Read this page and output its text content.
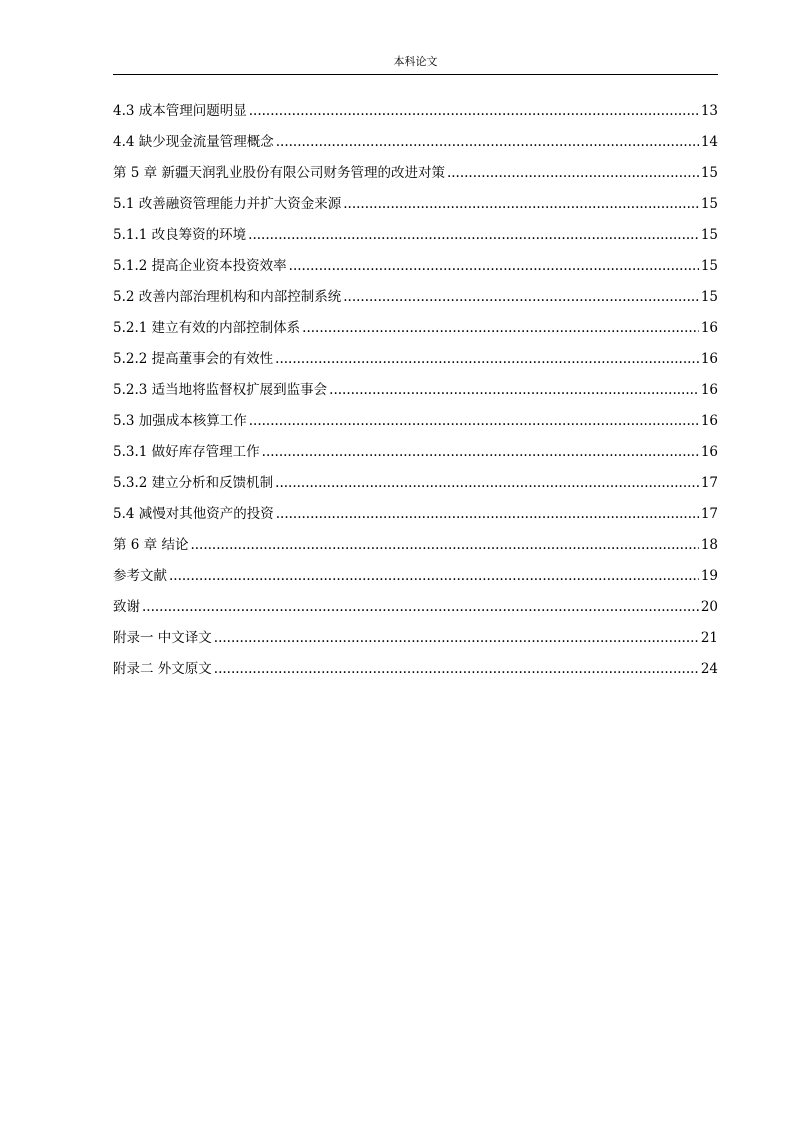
本科论文
4.3 成本管理问题明显 .....	13
4.4 缺少现金流量管理概念 .....	14
第 5 章 新疆天润乳业股份有限公司财务管理的改进对策 .....	15
5.1 改善融资管理能力并扩大资金来源 .....	15
5.1.1 改良筹资的环境 .....	15
5.1.2 提高企业资本投资效率 .....	15
5.2 改善内部治理机构和内部控制系统 .....	15
5.2.1 建立有效的内部控制体系 .....	16
5.2.2 提高董事会的有效性 .....	16
5.2.3 适当地将监督权扩展到监事会 .....	16
5.3 加强成本核算工作 .....	16
5.3.1 做好库存管理工作 .....	16
5.3.2 建立分析和反馈机制 .....	17
5.4 减慢对其他资产的投资 .....	17
第 6 章 结论 .....	18
参考文献 .....	19
致谢 .....	20
附录一 中文译文 .....	21
附录二 外文原文 .....	24
